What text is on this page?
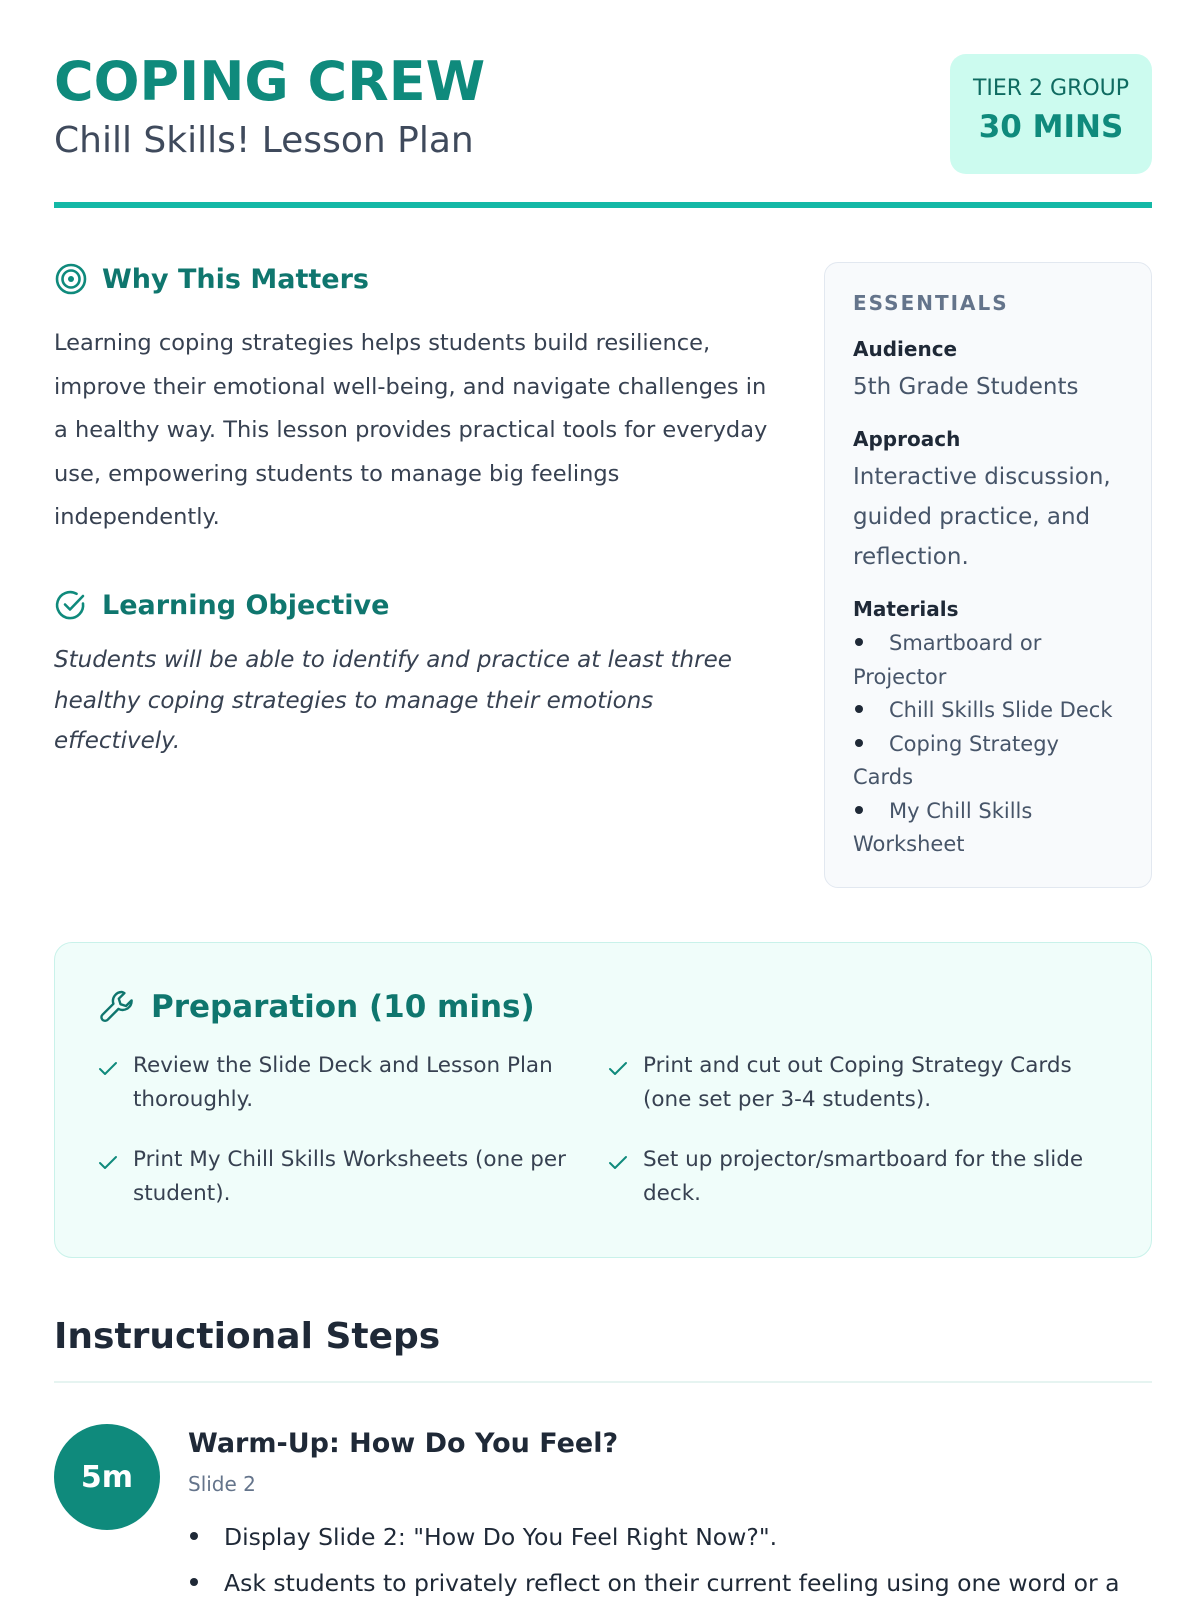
COPING CREW
Chill Skills! Lesson Plan
TIER 2 GROUP
30 MINS
Why This Matters
Learning coping strategies helps students build resilience, improve their emotional well-being, and navigate challenges in a healthy way. This lesson provides practical tools for everyday use, empowering students to manage big feelings independently.
Learning Objective
Students will be able to identify and practice at least three healthy coping strategies to manage their emotions effectively.
ESSENTIALS
Audience
5th Grade Students
Approach
Interactive discussion, guided practice, and reflection.
Materials
Smartboard or Projector
Chill Skills Slide Deck
Coping Strategy Cards
My Chill Skills Worksheet
Preparation (10 mins)
Review the Slide Deck and Lesson Plan thoroughly.
Print and cut out Coping Strategy Cards (one set per 3-4 students).
Print My Chill Skills Worksheets (one per student).
Set up projector/smartboard for the slide deck.
Instructional Steps
5m
Warm-Up: How Do You Feel?
Slide 2
Display Slide 2: "How Do You Feel Right Now?".
Ask students to privately reflect on their current feeling using one word or a
